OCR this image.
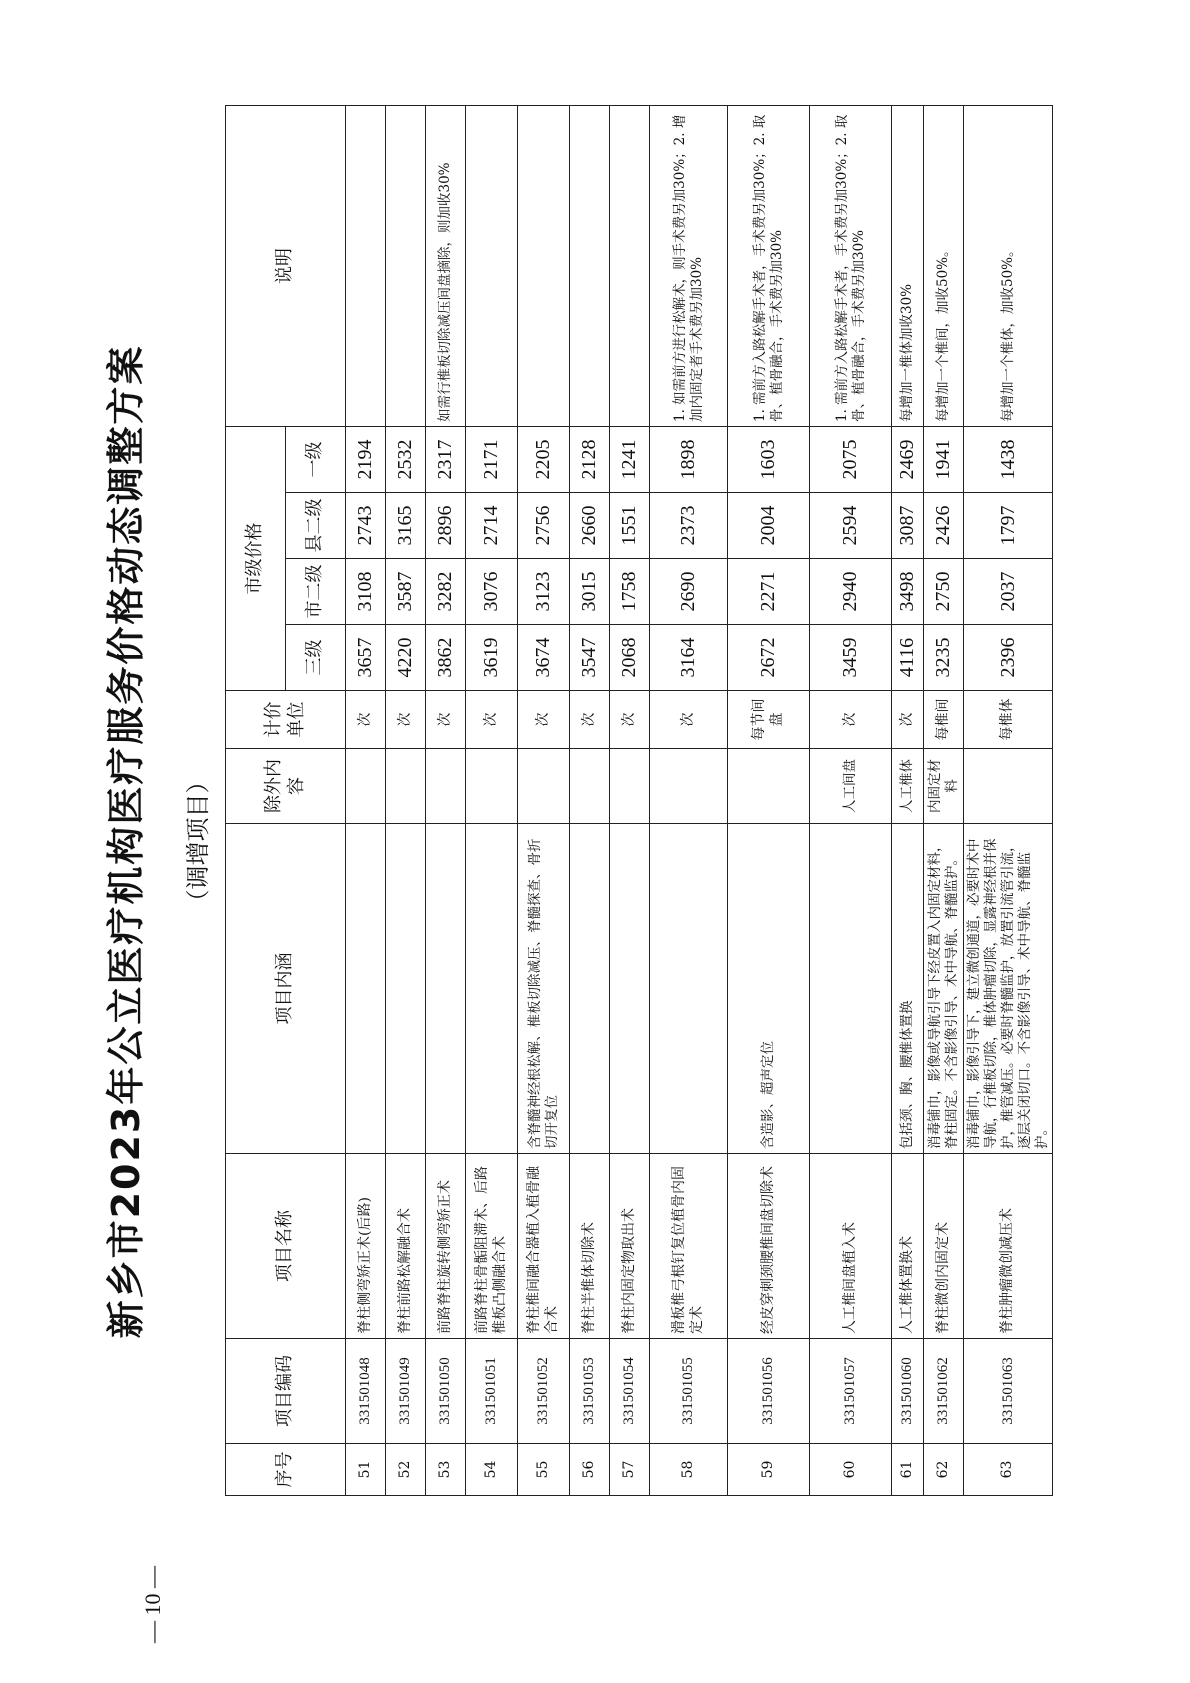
— 10 —
新乡市2023年公立医疗机构医疗服务价格动态调整方案 （调增项目）
序号	项目编码	项目名称	项目内涵	除外内容	计价单位	市级价格				说明
						三级	市二级	县二级	一级	
51	331501048	脊柱侧弯矫正术(后路)			次	3657	3108	2743	2194	
52	331501049	脊柱前路松解融合术			次	4220	3587	3165	2532	
53	331501050	前路脊柱旋转侧弯矫正术			次	3862	3282	2896	2317	如需行椎板切除减压间盘摘除，则加收30%
54	331501051	前路脊柱骨骺阻滞术、后路椎板凸侧融合术			次	3619	3076	2714	2171	
55	331501052	脊柱椎间融合器植入植骨融合术	含脊髓神经根松解、椎板切除减压、脊髓探查、骨折切开复位		次	3674	3123	2756	2205	
56	331501053	脊柱半椎体切除术			次	3547	3015	2660	2128	
57	331501054	脊柱内固定物取出术			次	2068	1758	1551	1241	
58	331501055	滑板椎弓根钉复位植骨内固定术			次	3164	2690	2373	1898	1. 如需前方进行松解术，则手术费另加30%；2. 增加内固定者手术费另加30%
59	331501056	经皮穿刺颈腰椎间盘切除术	含造影、超声定位		每节间盘	2672	2271	2004	1603	1. 需前方入路松解手术者，手术费另加30%；2. 取骨、植骨融合，手术费另加30%
60	331501057	人工椎间盘植入术		人工间盘	次	3459	2940	2594	2075	1. 需前方入路松解手术者，手术费另加30%；2. 取骨、植骨融合，手术费另加30%
61	331501060	人工椎体置换术	包括颈、胸、腰椎体置换	人工椎体	次	4116	3498	3087	2469	每增加一椎体加收30%
62	331501062	脊柱微创内固定术	消毒铺巾，影像或导航引导下经皮置入内固定材料，脊柱固定。不含影像引导、术中导航、脊髓监护。	内固定材料	每椎间	3235	2750	2426	1941	每增加一个椎间，加收50%。
63	331501063	脊柱肿瘤微创减压术	消毒铺巾，影像引导下，建立微创通道，必要时术中导航，行椎板切除，椎体肿瘤切除，显露神经根并保护，椎管减压。必要时脊髓监护，放置引流管引流，逐层关闭切口。不含影像引导、术中导航、脊髓监护。		每椎体	2396	2037	1797	1438	每增加一个椎体，加收50%。
